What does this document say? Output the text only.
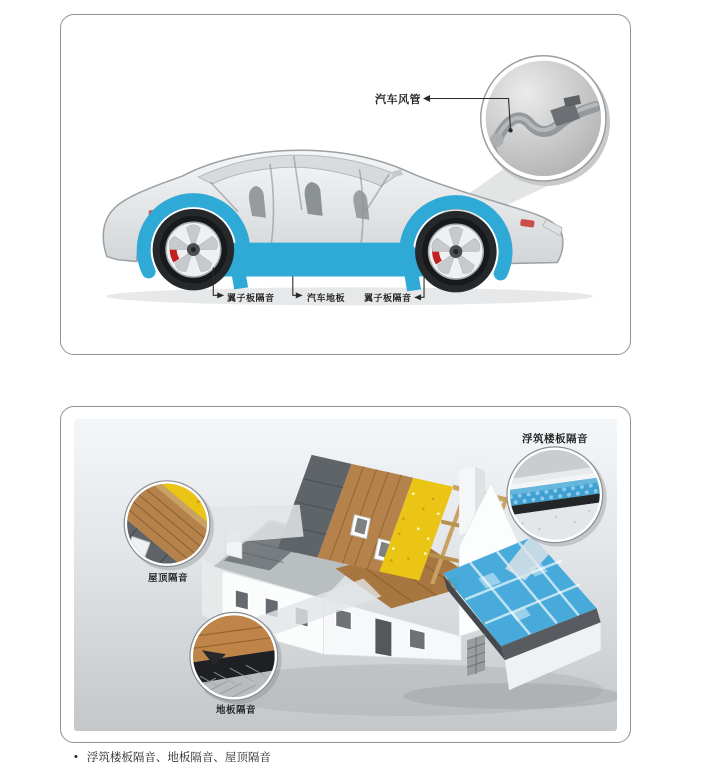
汽车风管
翼子板隔音	汽车地板 翼子板隔音
浮筑楼板隔音
屋顶隔音
地板隔音
• 浮筑楼板隔音、地板隔音、屋顶隔音
